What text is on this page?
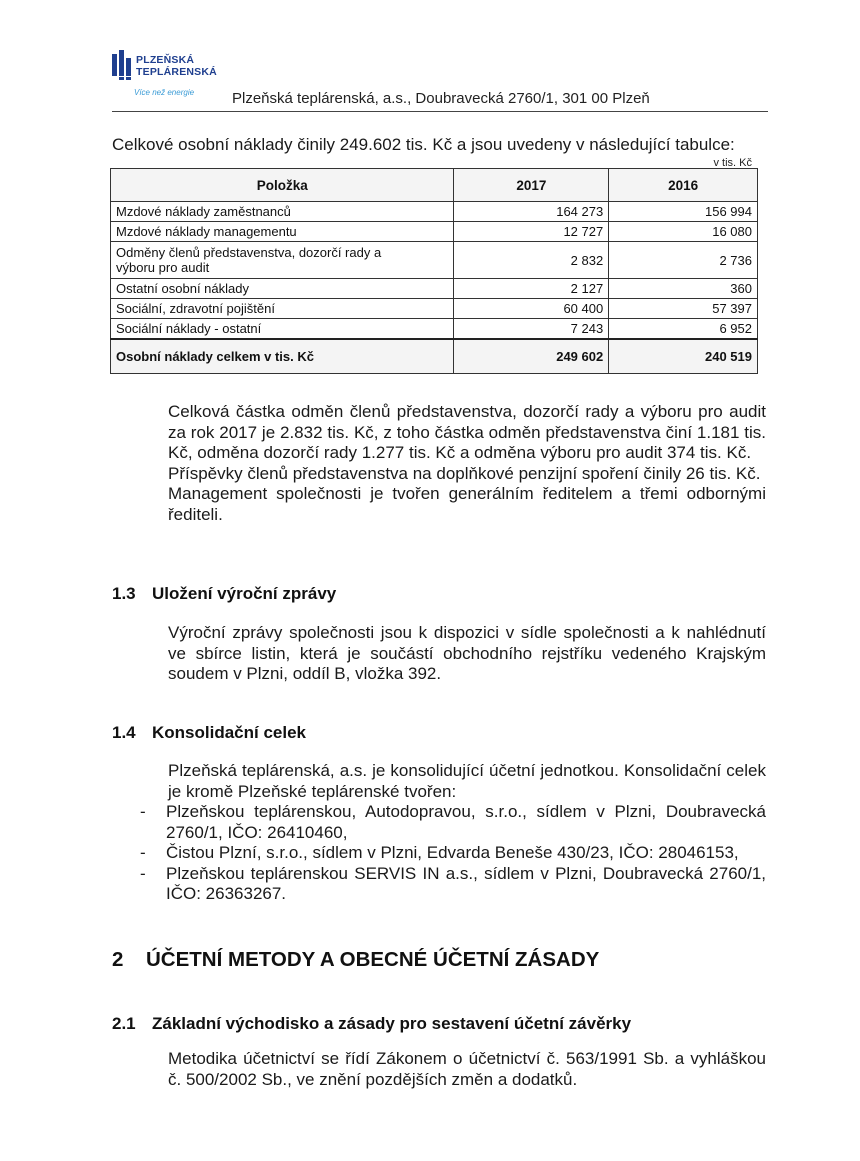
PLZEŇSKÁ
TEPLÁRENSKÁ
Více než energie	Plzeňská teplárenská, a.s., Doubravecká 2760/1, 301 00 Plzeň
Celkové osobní náklady činily 249.602 tis. Kč a jsou uvedeny v následující tabulce:
v tis. Kč
Položka	2017	2016
Mzdové náklady zaměstnanců	164 273	156 994
Mzdové náklady managementu	12 727	16 080
Odměny členů představenstva, dozorčí rady a
výboru pro audit	2 832	2 736
Ostatní osobní náklady	2 127	360
Sociální, zdravotní pojištění	60 400	57 397
Sociální náklady - ostatní	7 243	6 952
Osobní náklady celkem v tis. Kč	249 602	240 519
Celková částka odměn členů představenstva, dozorčí rady a výboru pro audit za rok 2017 je 2.832 tis. Kč, z toho částka odměn představenstva činí 1.181 tis. Kč, odměna dozorčí rady 1.277 tis. Kč a odměna výboru pro audit 374 tis. Kč.
Příspěvky členů představenstva na doplňkové penzijní spoření činily 26 tis. Kč.
Management společnosti je tvořen generálním ředitelem a třemi odbornými řediteli.
1.3 Uložení výroční zprávy
Výroční zprávy společnosti jsou k dispozici v sídle společnosti a k nahlédnutí ve sbírce listin, která je součástí obchodního rejstříku vedeného Krajským soudem v Plzni, oddíl B, vložka 392.
1.4 Konsolidační celek
Plzeňská teplárenská, a.s. je konsolidující účetní jednotkou. Konsolidační celek je kromě Plzeňské teplárenské tvořen:
- Plzeňskou teplárenskou, Autodopravou, s.r.o., sídlem v Plzni, Doubravecká 2760/1, IČO: 26410460,
- Čistou Plzní, s.r.o., sídlem v Plzni, Edvarda Beneše 430/23, IČO: 28046153,
- Plzeňskou teplárenskou SERVIS IN a.s., sídlem v Plzni, Doubravecká 2760/1, IČO: 26363267.
2 ÚČETNÍ METODY A OBECNÉ ÚČETNÍ ZÁSADY
2.1 Základní východisko a zásady pro sestavení účetní závěrky
Metodika účetnictví se řídí Zákonem o účetnictví č. 563/1991 Sb. a vyhláškou č. 500/2002 Sb., ve znění pozdějších změn a dodatků.
